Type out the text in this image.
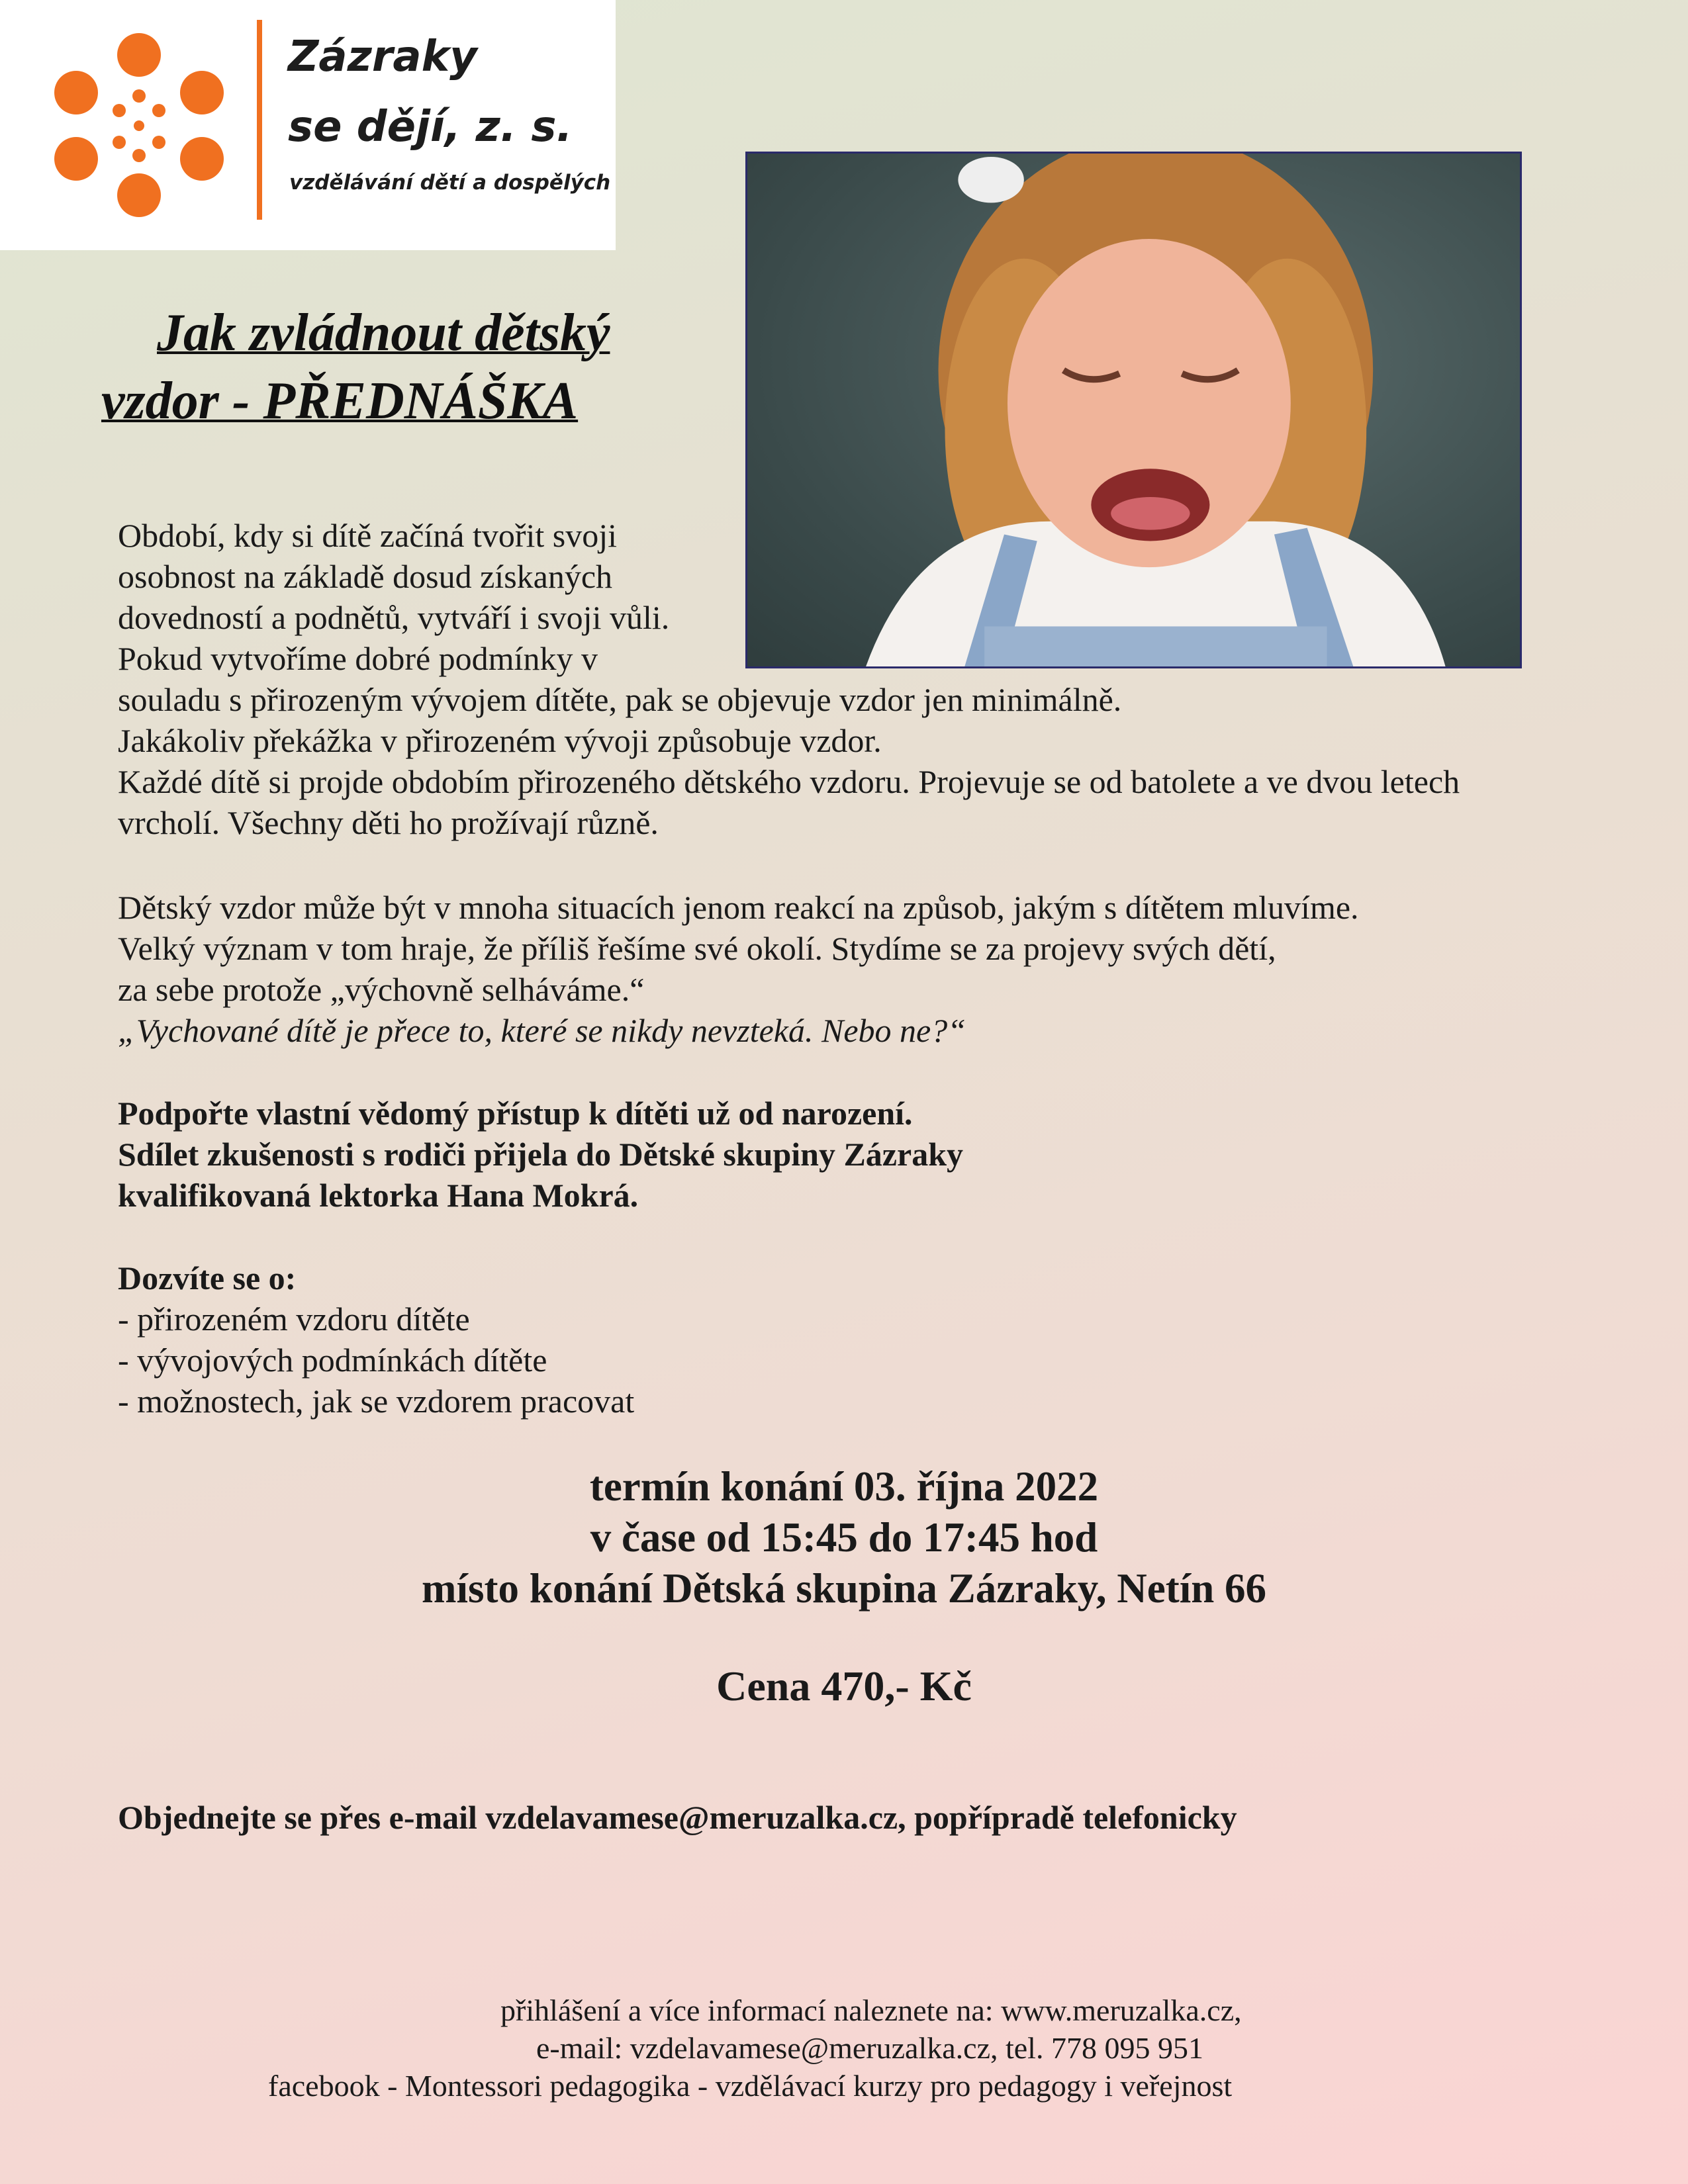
Zázraky
se dějí, z. s.
vzdělávání dětí a dospělých
Jak zvládnout dětský
vzdor - PŘEDNÁŠKA
Období, kdy si dítě začíná tvořit svoji
osobnost na základě dosud získaných
dovedností a podnětů, vytváří i svoji vůli.
Pokud vytvoříme dobré podmínky v
souladu s přirozeným vývojem dítěte, pak se objevuje vzdor jen minimálně.
Jakákoliv překážka v přirozeném vývoji způsobuje vzdor.
Každé dítě si projde obdobím přirozeného dětského vzdoru. Projevuje se od batolete a ve dvou letech
vrcholí. Všechny děti ho prožívají různě.
Dětský vzdor může být v mnoha situacích jenom reakcí na způsob, jakým s dítětem mluvíme.
Velký význam v tom hraje, že příliš řešíme své okolí. Stydíme se za projevy svých dětí,
za sebe protože „výchovně selháváme.“
„Vychované dítě je přece to, které se nikdy nevzteká. Nebo ne?“
Podpořte vlastní vědomý přístup k dítěti už od narození.
Sdílet zkušenosti s rodiči přijela do Dětské skupiny Zázraky
kvalifikovaná lektorka Hana Mokrá.
Dozvíte se o:
- přirozeném vzdoru dítěte
- vývojových podmínkách dítěte
- možnostech, jak se vzdorem pracovat
termín konání 03. října 2022
v čase od 15:45 do 17:45 hod
místo konání Dětská skupina Zázraky, Netín 66
Cena 470,- Kč
Objednejte se přes e-mail vzdelavamese@meruzalka.cz, popřípradě telefonicky
přihlášení a více informací naleznete na: www.meruzalka.cz,
e-mail: vzdelavamese@meruzalka.cz, tel. 778 095 951
facebook - Montessori pedagogika - vzdělávací kurzy pro pedagogy i veřejnost
